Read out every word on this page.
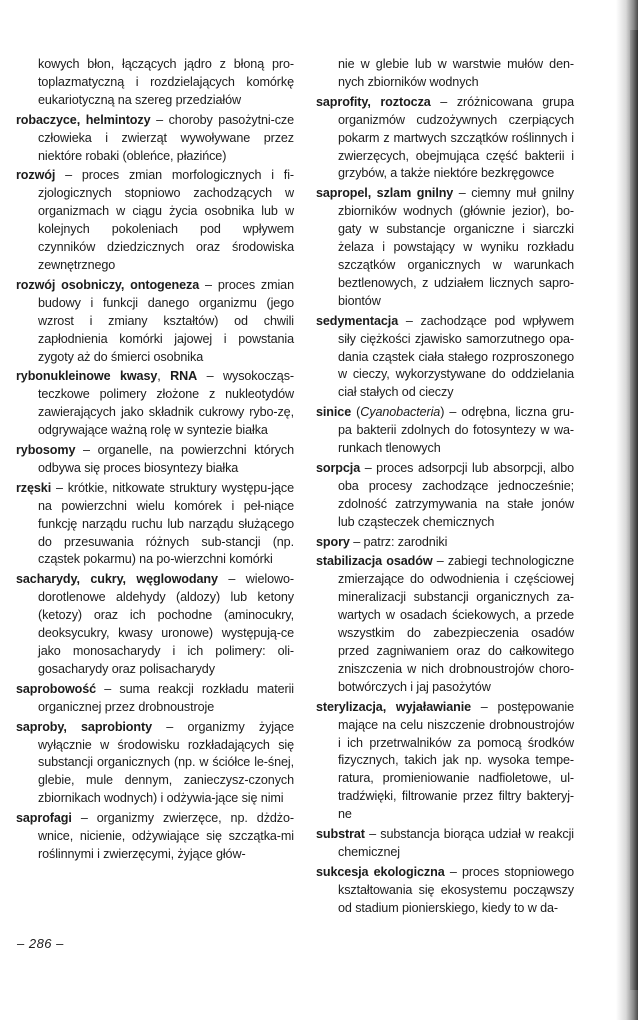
kowych błon, łączących jądro z błoną pro-toplazmatyczną i rozdzielających komórkę eukariotyczną na szereg przedziałów

robaczyce, helmintozy – choroby pasożytni-cze człowieka i zwierząt wywoływane przez niektóre robaki (obleńce, płazińce)

rozwój – proces zmian morfologicznych i fi-zjologicznych stopniowo zachodzących w organizmach w ciągu życia osobnika lub w kolejnych pokoleniach pod wpływem czynników dziedzicznych oraz środowiska zewnętrznego

rozwój osobniczy, ontogeneza – proces zmian budowy i funkcji danego organizmu (jego wzrost i zmiany kształtów) od chwili zapłodnienia komórki jajowej i powstania zygoty aż do śmierci osobnika

rybonukleinowe kwasy, RNA – wysokocząs-teczkowe polimery złożone z nukleotydów zawierających jako składnik cukrowy rybo-zę, odgrywające ważną rolę w syntezie białka

rybosomy – organelle, na powierzchni których odbywa się proces biosyntezy białka

rzęski – krótkie, nitkowate struktury występu-jące na powierzchni wielu komórek i peł-niące funkcję narządu ruchu lub narządu służącego do przesuwania różnych sub-stancji (np. cząstek pokarmu) na po-wierzchni komórki

sacharydy, cukry, węglowodany – wielowo-dorotlenowe aldehydy (aldozy) lub ketony (ketozy) oraz ich pochodne (aminocukry, deoksycukry, kwasy uronowe) występują-ce jako monosacharydy i ich polimery: oli-gosacharydy oraz polisacharydy

saprobowość – suma reakcji rozkładu materii organicznej przez drobnoustroje

saproby, saprobionty – organizmy żyjące wyłącznie w środowisku rozkładających się substancji organicznych (np. w ściółce le-śnej, glebie, mule dennym, zanieczysz-czonych zbiornikach wodnych) i odżywia-jące się nimi

saprofagi – organizmy zwierzęce, np. dżdżo-wnice, nicienie, odżywiające się szczątka-mi roślinnymi i zwierzęcymi, żyjące głów-

nie w glebie lub w warstwie mułów den-nych zbiorników wodnych

saprofity, roztocza – zróżnicowana grupa organizmów cudzożywnych czerpiących pokarm z martwych szczątków roślinnych i zwierzęcych, obejmująca część bakterii i grzybów, a także niektóre bezkręgowce

sapropel, szlam gnilny – ciemny muł gnilny zbiorników wodnych (głównie jezior), bo-gaty w substancje organiczne i siarczki żelaza i powstający w wyniku rozkładu szczątków organicznych w warunkach beztlenowych, z udziałem licznych sapro-biontów

sedymentacja – zachodzące pod wpływem siły ciężkości zjawisko samorzutnego opa-dania cząstek ciała stałego rozproszonego w cieczy, wykorzystywane do oddzielania ciał stałych od cieczy

sinice (Cyanobacteria) – odrębna, liczna gru-pa bakterii zdolnych do fotosyntezy w wa-runkach tlenowych

sorpcja – proces adsorpcji lub absorpcji, albo oba procesy zachodzące jednocześnie; zdolność zatrzymywania na stałe jonów lub cząsteczek chemicznych

spory – patrz: zarodniki

stabilizacja osadów – zabiegi technologiczne zmierzające do odwodnienia i częściowej mineralizacji substancji organicznych za-wartych w osadach ściekowych, a przede wszystkim do zabezpieczenia osadów przed zagniwaniem oraz do całkowitego zniszczenia w nich drobnoustrojów choro-botwórczych i jaj pasożytów

sterylizacja, wyjaławianie – postępowanie mające na celu niszczenie drobnoustrojów i ich przetrwalników za pomocą środków fizycznych, takich jak np. wysoka tempe-ratura, promieniowanie nadfioletowe, ul-tradźwięki, filtrowanie przez filtry bakteryj-ne

substrat – substancja biorąca udział w reakcji chemicznej

sukcesja ekologiczna – proces stopniowego kształtowania się ekosystemu począwszy od stadium pionierskiego, kiedy to w da-

– 286 –
